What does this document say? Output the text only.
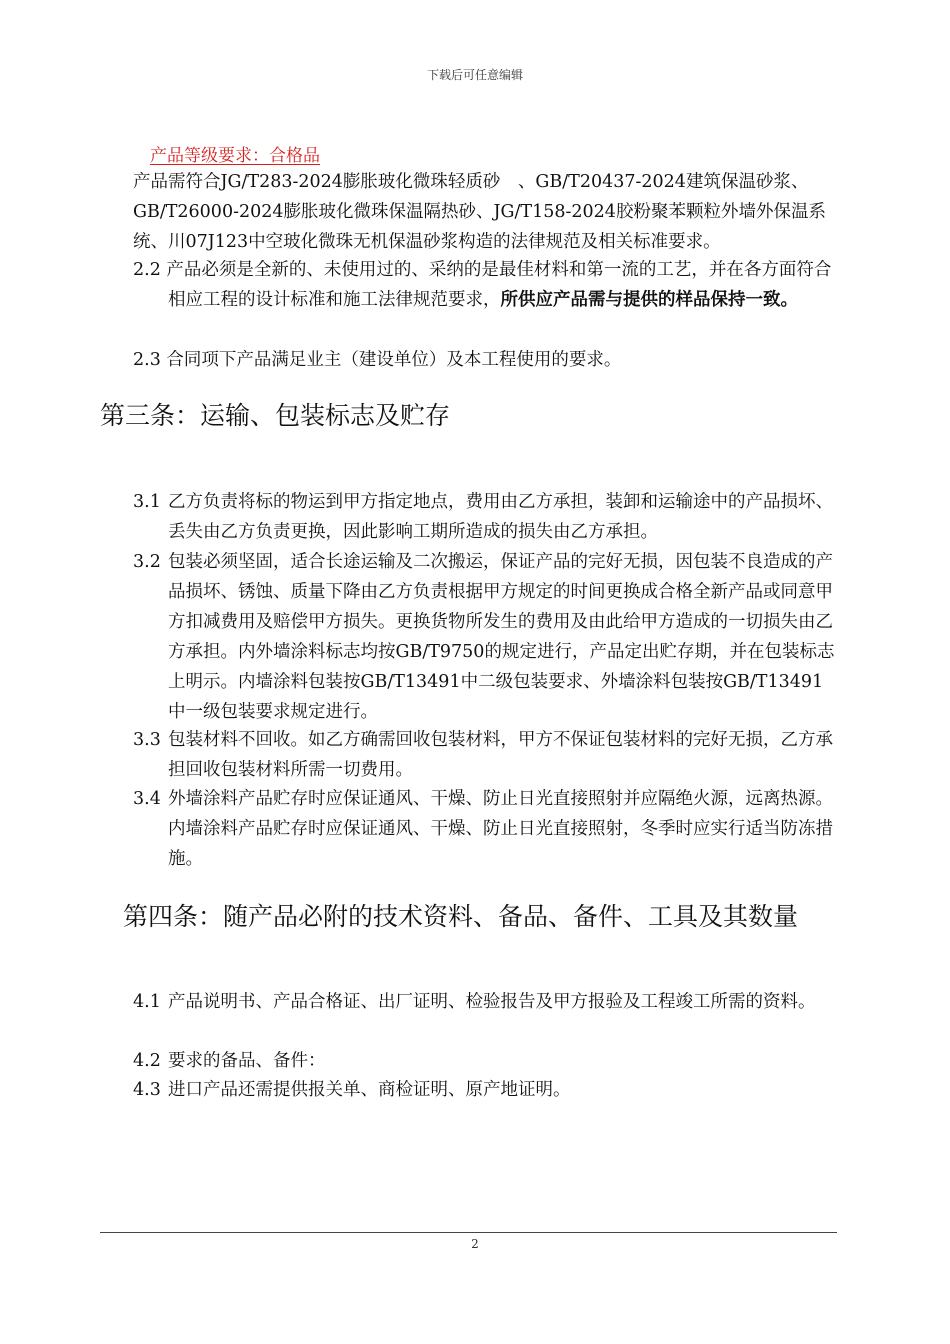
下载后可任意编辑
产品等级要求：合格品
产品需符合JG/T283-2024膨胀玻化微珠轻质砂　、GB/T20437-2024建筑保温砂浆、GB/T26000-2024膨胀玻化微珠保温隔热砂、JG/T158-2024胶粉聚苯颗粒外墙外保温系统、川07J123中空玻化微珠无机保温砂浆构造的法律规范及相关标准要求。
2.2 产品必须是全新的、未使用过的、采纳的是最佳材料和第一流的工艺，并在各方面符合相应工程的设计标准和施工法律规范要求，所供应产品需与提供的样品保持一致。
2.3 合同项下产品满足业主（建设单位）及本工程使用的要求。
第三条：运输、包装标志及贮存
3.1 乙方负责将标的物运到甲方指定地点，费用由乙方承担，装卸和运输途中的产品损坏、丢失由乙方负责更换，因此影响工期所造成的损失由乙方承担。
3.2 包装必须坚固，适合长途运输及二次搬运，保证产品的完好无损，因包装不良造成的产品损坏、锈蚀、质量下降由乙方负责根据甲方规定的时间更换成合格全新产品或同意甲方扣减费用及赔偿甲方损失。更换货物所发生的费用及由此给甲方造成的一切损失由乙方承担。内外墙涂料标志均按GB/T9750的规定进行，产品定出贮存期，并在包装标志上明示。内墙涂料包装按GB/T13491中二级包装要求、外墙涂料包装按GB/T13491中一级包装要求规定进行。
3.3 包装材料不回收。如乙方确需回收包装材料，甲方不保证包装材料的完好无损，乙方承担回收包装材料所需一切费用。
3.4 外墙涂料产品贮存时应保证通风、干燥、防止日光直接照射并应隔绝火源，远离热源。 内墙涂料产品贮存时应保证通风、干燥、防止日光直接照射，冬季时应实行适当防冻措施。
第四条：随产品必附的技术资料、备品、备件、工具及其数量
4.1 产品说明书、产品合格证、出厂证明、检验报告及甲方报验及工程竣工所需的资料。
4.2 要求的备品、备件：
4.3 进口产品还需提供报关单、商检证明、原产地证明。
2
